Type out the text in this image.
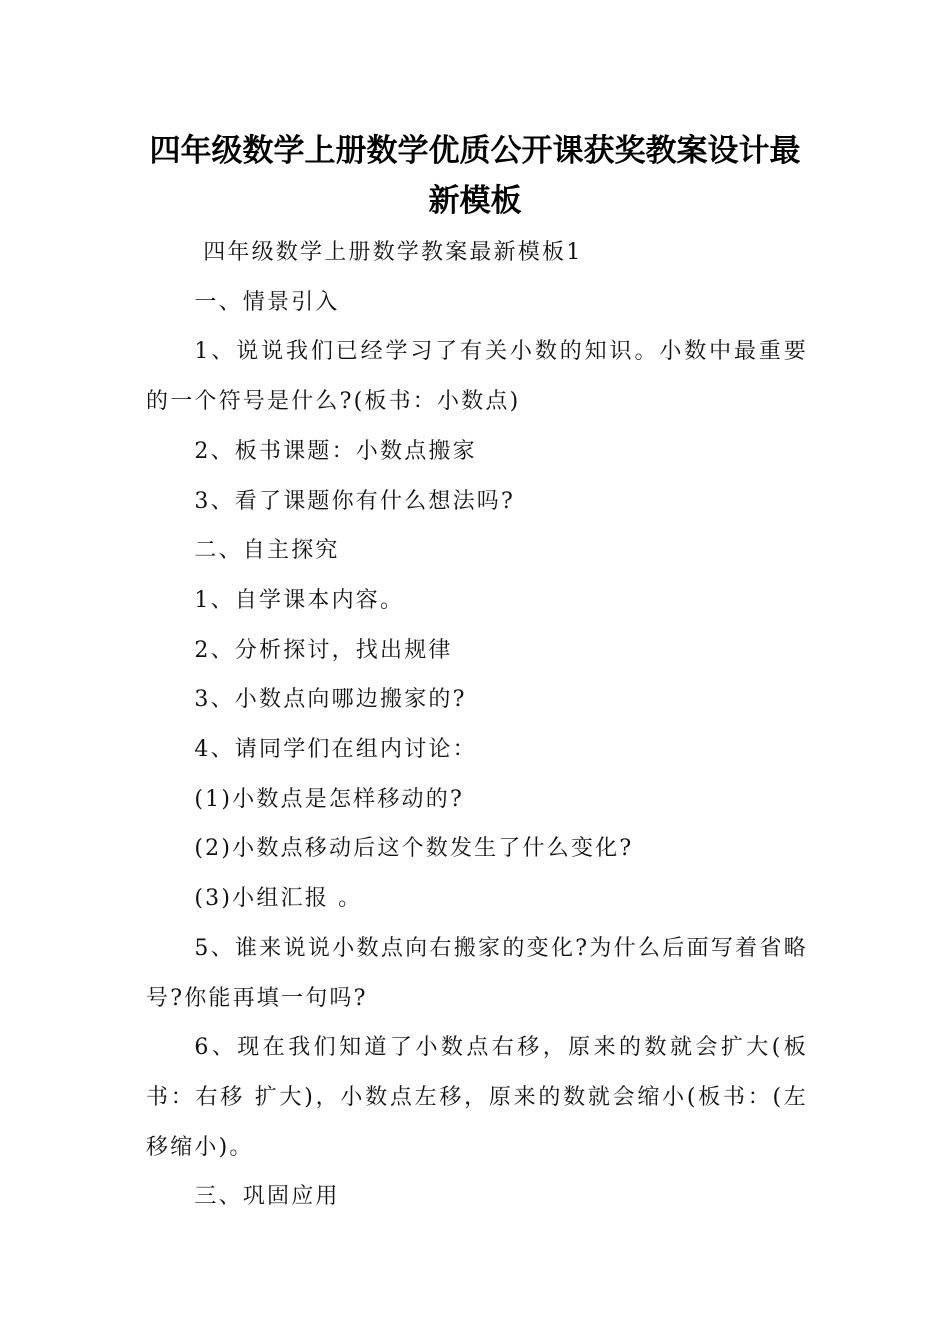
四年级数学上册数学优质公开课获奖教案设计最新模板

四年级数学上册数学教案最新模板1

一、情景引入

1、说说我们已经学习了有关小数的知识。小数中最重要的一个符号是什么?(板书：小数点)

2、板书课题：小数点搬家

3、看了课题你有什么想法吗?

二、自主探究

1、自学课本内容。

2、分析探讨，找出规律

3、小数点向哪边搬家的?

4、请同学们在组内讨论：

(1)小数点是怎样移动的?

(2)小数点移动后这个数发生了什么变化?

(3)小组汇报 。

5、谁来说说小数点向右搬家的变化?为什么后面写着省略号?你能再填一句吗?

6、现在我们知道了小数点右移，原来的数就会扩大(板书：右移 扩大)，小数点左移，原来的数就会缩小(板书：(左移缩小)。

三、巩固应用
